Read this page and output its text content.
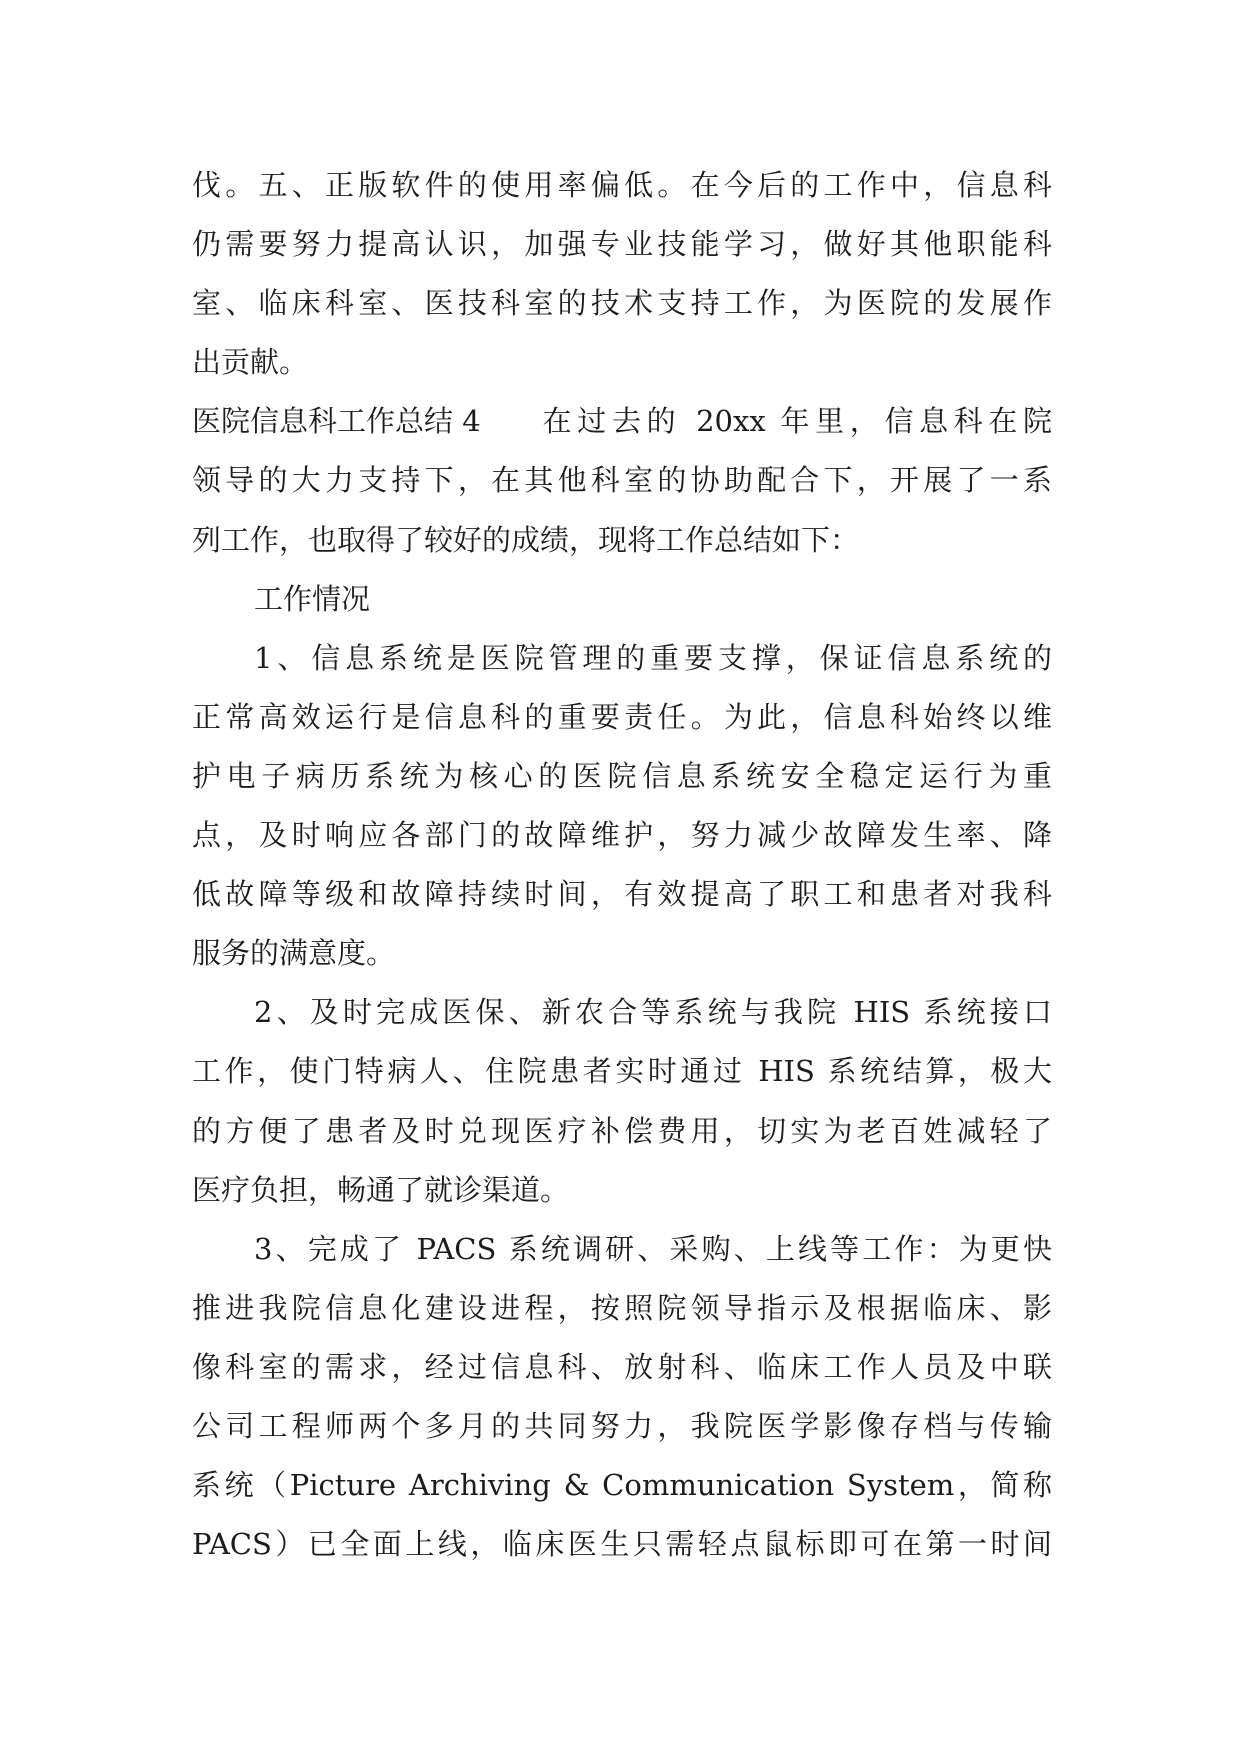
伐。五、正版软件的使用率偏低。在今后的工作中，信息科
仍需要努力提高认识，加强专业技能学习，做好其他职能科
室、临床科室、医技科室的技术支持工作，为医院的发展作
出贡献。
医院信息科工作总结 4	在过去的 20xx 年里，信息科在院
领导的大力支持下，在其他科室的协助配合下，开展了一系
列工作，也取得了较好的成绩，现将工作总结如下：
工作情况
1、信息系统是医院管理的重要支撑，保证信息系统的
正常高效运行是信息科的重要责任。为此，信息科始终以维
护电子病历系统为核心的医院信息系统安全稳定运行为重
点，及时响应各部门的故障维护，努力减少故障发生率、降
低故障等级和故障持续时间，有效提高了职工和患者对我科
服务的满意度。
2、及时完成医保、新农合等系统与我院 HIS 系统接口
工作，使门特病人、住院患者实时通过 HIS 系统结算，极大
的方便了患者及时兑现医疗补偿费用，切实为老百姓减轻了
医疗负担，畅通了就诊渠道。
3、完成了 PACS 系统调研、采购、上线等工作：为更快
推进我院信息化建设进程，按照院领导指示及根据临床、影
像科室的需求，经过信息科、放射科、临床工作人员及中联
公司工程师两个多月的共同努力，我院医学影像存档与传输
系统（Picture Archiving & Communication System，简称
PACS）已全面上线，临床医生只需轻点鼠标即可在第一时间
